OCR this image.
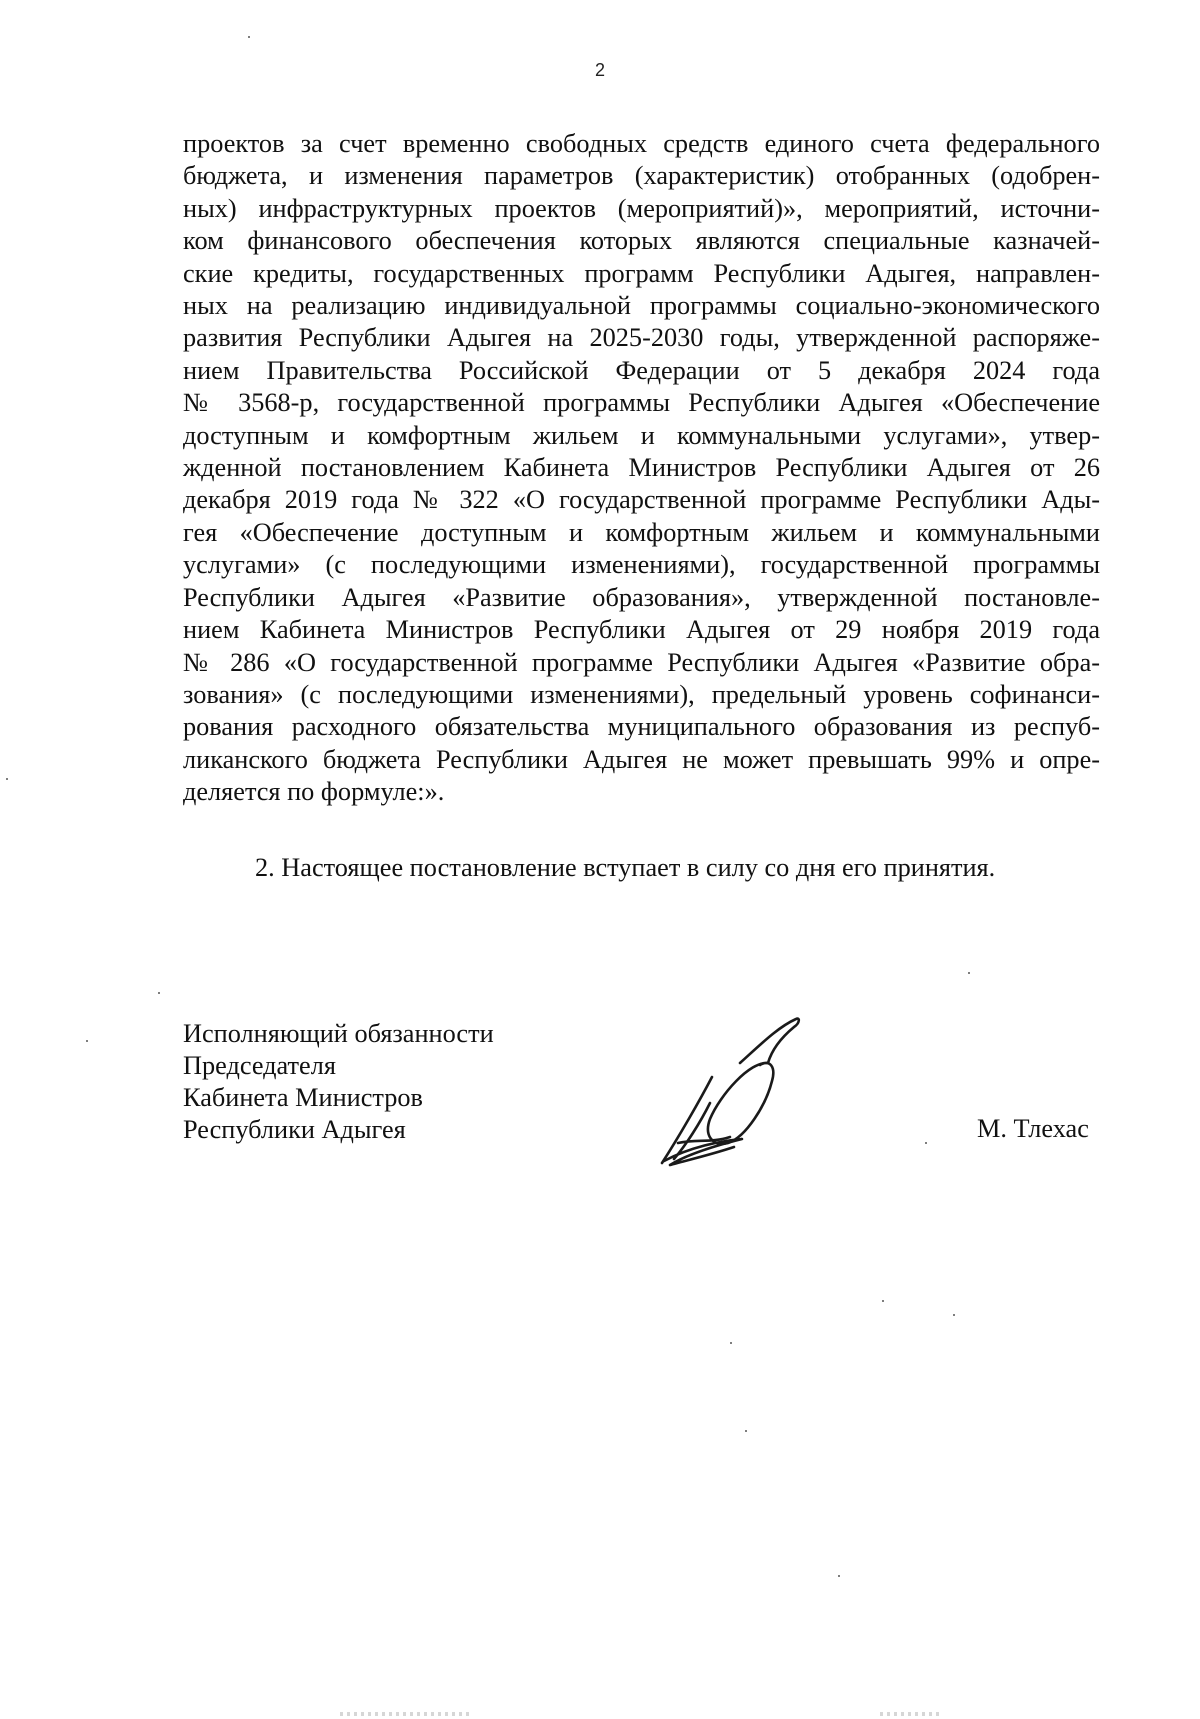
2
проектов за счет временно свободных средств единого счета федерального
бюджета, и изменения параметров (характеристик) отобранных (одобрен-
ных) инфраструктурных проектов (мероприятий)», мероприятий, источни-
ком финансового обеспечения которых являются специальные казначей-
ские кредиты, государственных программ Республики Адыгея, направлен-
ных на реализацию индивидуальной программы социально-экономического
развития Республики Адыгея на 2025-2030 годы, утвержденной распоряже-
нием Правительства Российской Федерации от 5 декабря 2024 года
№ 3568-р, государственной программы Республики Адыгея «Обеспечение
доступным и комфортным жильем и коммунальными услугами», утвер-
жденной постановлением Кабинета Министров Республики Адыгея от 26
декабря 2019 года № 322 «О государственной программе Республики Ады-
гея «Обеспечение доступным и комфортным жильем и коммунальными
услугами» (с последующими изменениями), государственной программы
Республики Адыгея «Развитие образования», утвержденной постановле-
нием Кабинета Министров Республики Адыгея от 29 ноября 2019 года
№ 286 «О государственной программе Республики Адыгея «Развитие обра-
зования» (с последующими изменениями), предельный уровень софинанси-
рования расходного обязательства муниципального образования из респуб-
ликанского бюджета Республики Адыгея не может превышать 99% и опре-
деляется по формуле:».
2. Настоящее постановление вступает в силу со дня его принятия.
Исполняющий обязанности
Председателя
Кабинета Министров
Республики Адыгея	М. Тлехас
